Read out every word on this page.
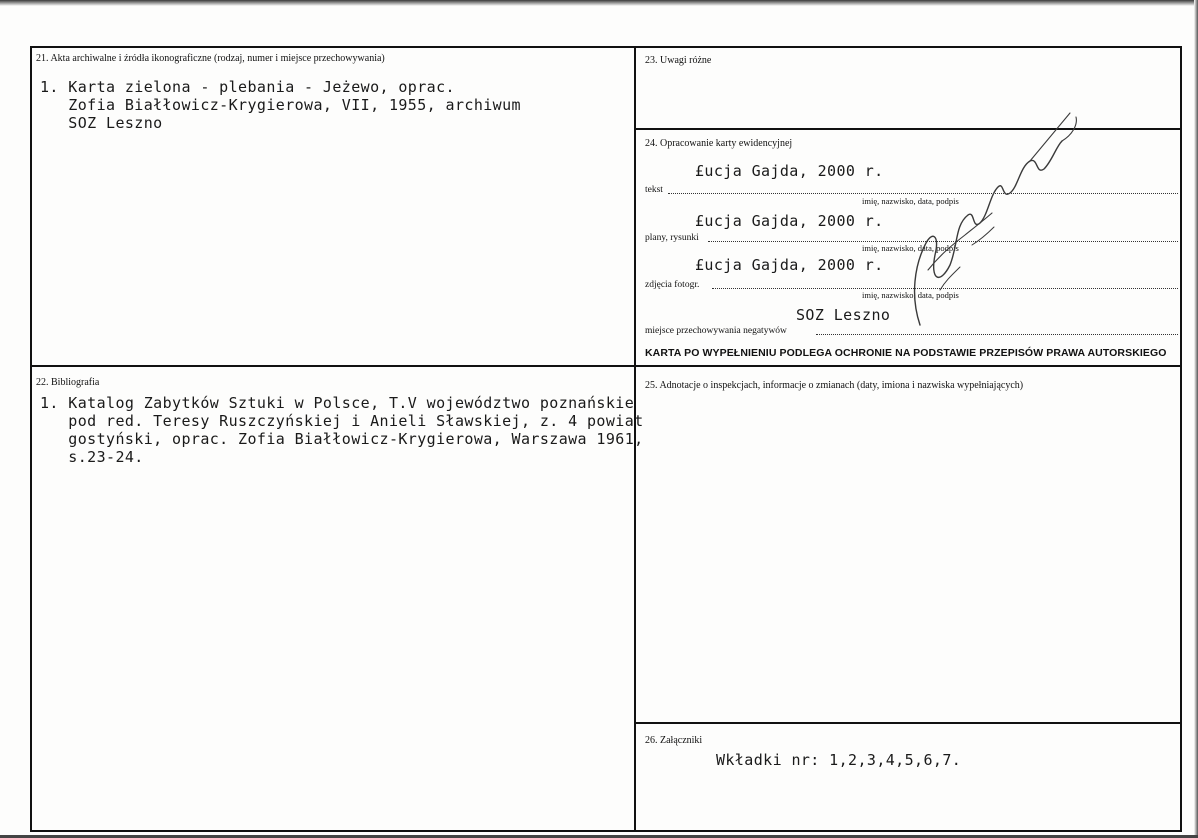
21. Akta archiwalne i źródła ikonograficzne (rodzaj, numer i miejsce przechowywania)
1. Karta zielona - plebania - Jeżewo, oprac.
Zofia Białłowicz-Krygierowa, VII, 1955, archiwum
SOZ Leszno
22. Bibliografia
1. Katalog Zabytków Sztuki w Polsce, T.V województwo poznańskie
pod red. Teresy Ruszczyńskiej i Anieli Sławskiej, z. 4 powiat
gostyński, oprac. Zofia Białłowicz-Krygierowa, Warszawa 1961,
s.23-24.
23. Uwagi różne
24. Opracowanie karty ewidencyjnej
£ucja Gajda, 2000 r.
tekst
imię, nazwisko, data, podpis
£ucja Gajda, 2000 r.
plany, rysunki
imię, nazwisko, data, podpis
£ucja Gajda, 2000 r.
zdjęcia fotogr.
imię, nazwisko, data, podpis
SOZ Leszno
miejsce przechowywania negatywów
KARTA PO WYPEŁNIENIU PODLEGA OCHRONIE NA PODSTAWIE PRZEPISÓW PRAWA AUTORSKIEGO
25. Adnotacje o inspekcjach, informacje o zmianach (daty, imiona i nazwiska wypełniających)
26. Załączniki
Wkładki nr: 1,2,3,4,5,6,7.
